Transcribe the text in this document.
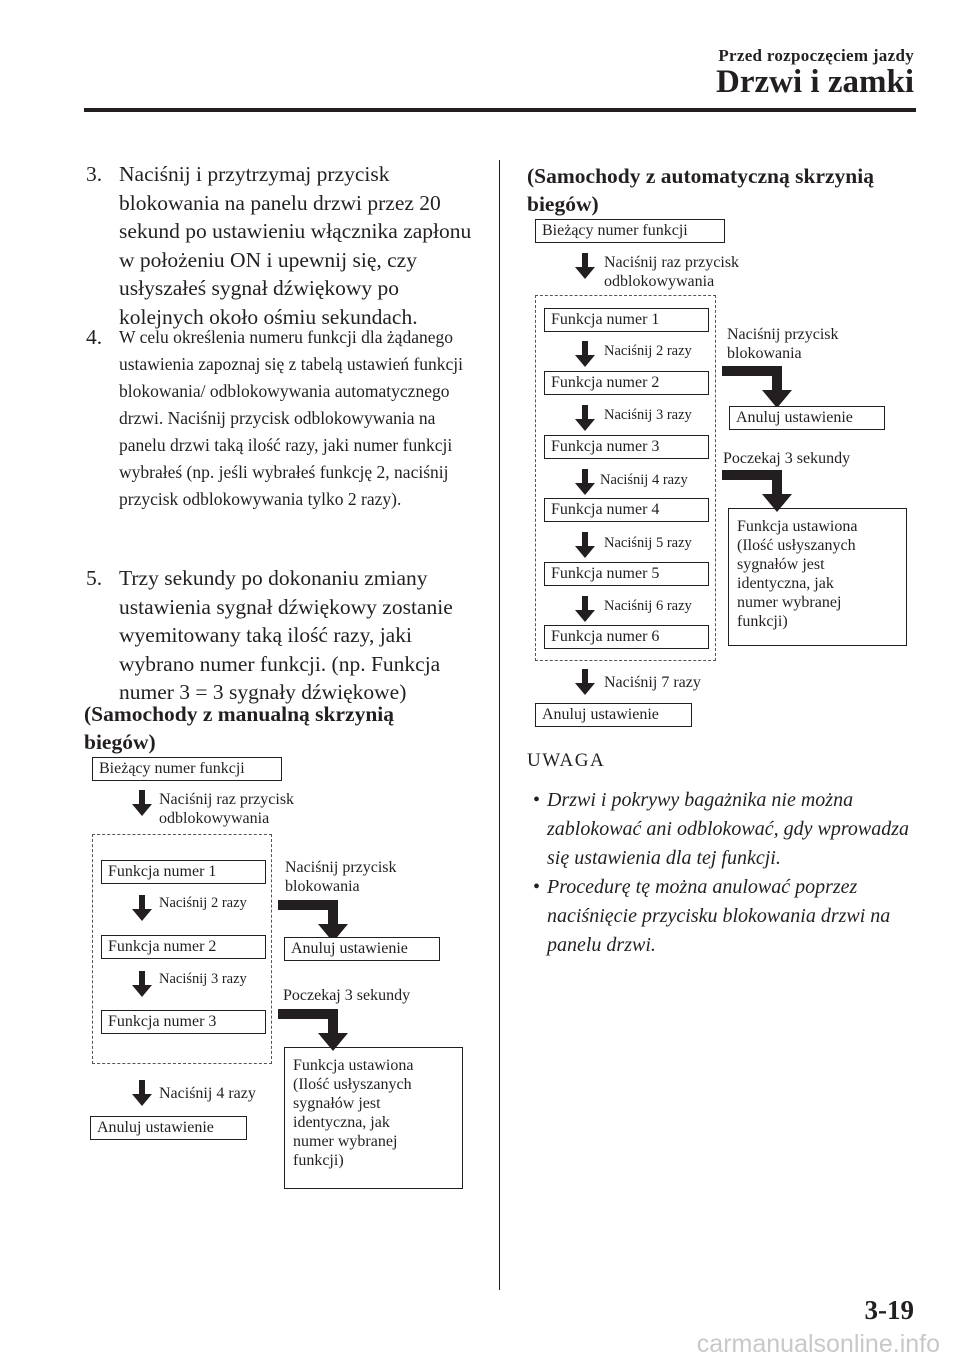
Przed rozpoczęciem jazdy
Drzwi i zamki
3. Naciśnij i przytrzymaj przycisk blokowania na panelu drzwi przez 20 sekund po ustawieniu włącznika zapłonu w położeniu ON i upewnij się, czy usłyszałeś sygnał dźwiękowy po kolejnych około ośmiu sekundach.
4. W celu określenia numeru funkcji dla żądanego ustawienia zapoznaj się z tabelą ustawień funkcji blokowania/ odblokowywania automatycznego drzwi. Naciśnij przycisk odblokowywania na panelu drzwi taką ilość razy, jaki numer funkcji wybrałeś (np. jeśli wybrałeś funkcję 2, naciśnij przycisk odblokowywania tylko 2 razy).
5. Trzy sekundy po dokonaniu zmiany ustawienia sygnał dźwiękowy zostanie wyemitowany taką ilość razy, jaki wybrano numer funkcji. (np. Funkcja numer 3 = 3 sygnały dźwiękowe)
(Samochody z manualną skrzynią biegów)
Bieżący numer funkcji
Naciśnij raz przycisk
odblokowywania
Funkcja numer 1
Naciśnij 2 razy
Funkcja numer 2
Naciśnij 3 razy
Funkcja numer 3
Naciśnij 4 razy
Anuluj ustawienie
Naciśnij przycisk
blokowania
Anuluj ustawienie
Poczekaj 3 sekundy
Funkcja ustawiona
(Ilość usłyszanych
sygnałów jest
identyczna, jak
numer wybranej
funkcji)
(Samochody z automatyczną skrzynią biegów)
Bieżący numer funkcji
Naciśnij raz przycisk
odblokowywania
Funkcja numer 1
Naciśnij 2 razy
Funkcja numer 2
Naciśnij 3 razy
Funkcja numer 3
Naciśnij 4 razy
Funkcja numer 4
Naciśnij 5 razy
Funkcja numer 5
Naciśnij 6 razy
Funkcja numer 6
Naciśnij 7 razy
Anuluj ustawienie
Naciśnij przycisk
blokowania
Anuluj ustawienie
Poczekaj 3 sekundy
Funkcja ustawiona
(Ilość usłyszanych
sygnałów jest
identyczna, jak
numer wybranej
funkcji)
UWAGA
• Drzwi i pokrywy bagażnika nie można zablokować ani odblokować, gdy wprowadza się ustawienia dla tej funkcji.
• Procedurę tę można anulować poprzez naciśnięcie przycisku blokowania drzwi na panelu drzwi.
3-19
carmanualsonline.info
